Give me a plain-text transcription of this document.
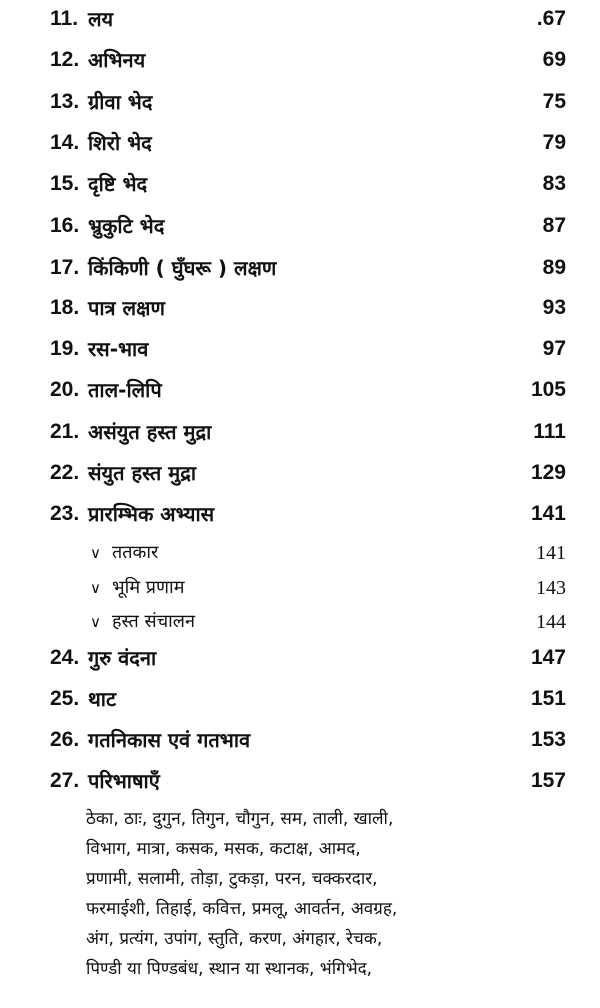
11. लय	.67
12. अभिनय	69
13. ग्रीवा भेद	75
14. शिरो भेद	79
15. दृष्टि भेद	83
16. भ्रुकुटि भेद	87
17. किंकिणी ( घुँघरू ) लक्षण	89
18. पात्र लक्षण	93
19. रस-भाव	97
20. ताल-लिपि	105
21. असंयुत हस्त मुद्रा	111
22. संयुत हस्त मुद्रा	129
23. प्रारम्भिक अभ्यास	141
∨ ततकार	141
∨ भूमि प्रणाम	143
∨ हस्त संचालन	144
24. गुरु वंदना	147
25. थाट	151
26. गतनिकास एवं गतभाव	153
27. परिभाषाएँ	157
ठेका, ठाः, दुगुन, तिगुन, चौगुन, सम, ताली, खाली,
विभाग, मात्रा, कसक, मसक, कटाक्ष, आमद,
प्रणामी, सलामी, तोड़ा, टुकड़ा, परन, चक्करदार,
फरमाईशी, तिहाई, कवित्त, प्रमलू, आवर्तन, अवग्रह,
अंग, प्रत्यंग, उपांग, स्तुति, करण, अंगहार, रेचक,
पिण्डी या पिण्डबंध, स्थान या स्थानक, भंगिभेद,
